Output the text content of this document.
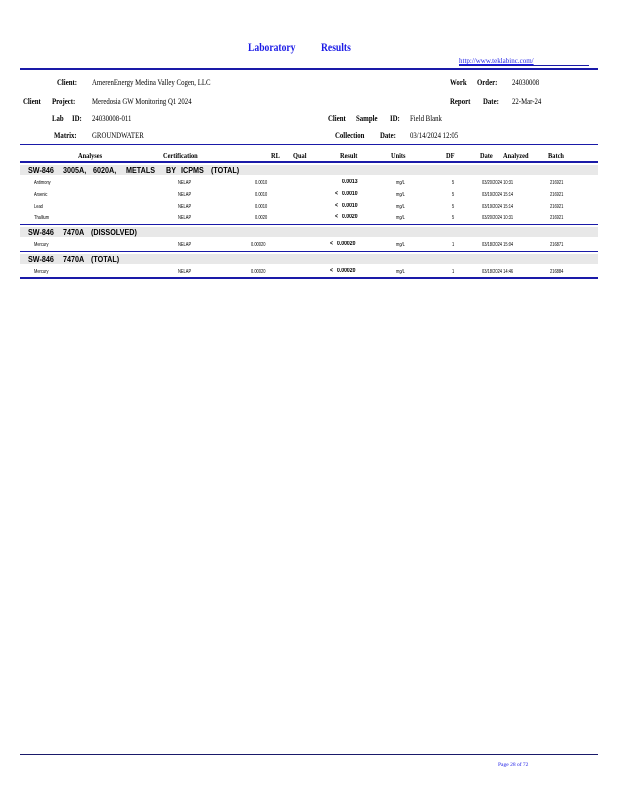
Laboratory Results
http://www.teklabinc.com/
Client: AmerenEnergy Medina Valley Cogen, LLC
Client Project: Meredosia GW Monitoring Q1 2024
Lab ID: 24030008-011
Matrix: GROUNDWATER
Work Order: 24030008
Report Date: 22-Mar-24
Client Sample ID: Field Blank
Collection Date: 03/14/2024 12:05
Analyses	Certification	RL Qual	Result	Units	DF	Date Analyzed	Batch
SW-846 3005A, 6020A, METALS BY ICPMS (TOTAL)
Antimony	NELAP	0.0010	0.0013	mg/L	5	03/20/2024 10:31	216921
Arsenic	NELAP	0.0010	< 0.0010	mg/L	5	03/19/2024 15:14	216921
Lead	NELAP	0.0010	< 0.0010	mg/L	5	03/19/2024 15:14	216921
Thallium	NELAP	0.0020	< 0.0020	mg/L	5	03/20/2024 10:31	216921
SW-846 7470A (DISSOLVED)
Mercury	NELAP	0.00020	< 0.00020	mg/L	1	03/18/2024 15:04	216871
SW-846 7470A (TOTAL)
Mercury	NELAP	0.00020	< 0.00020	mg/L	1	03/18/2024 14:46	216884
Page 28 of 72
